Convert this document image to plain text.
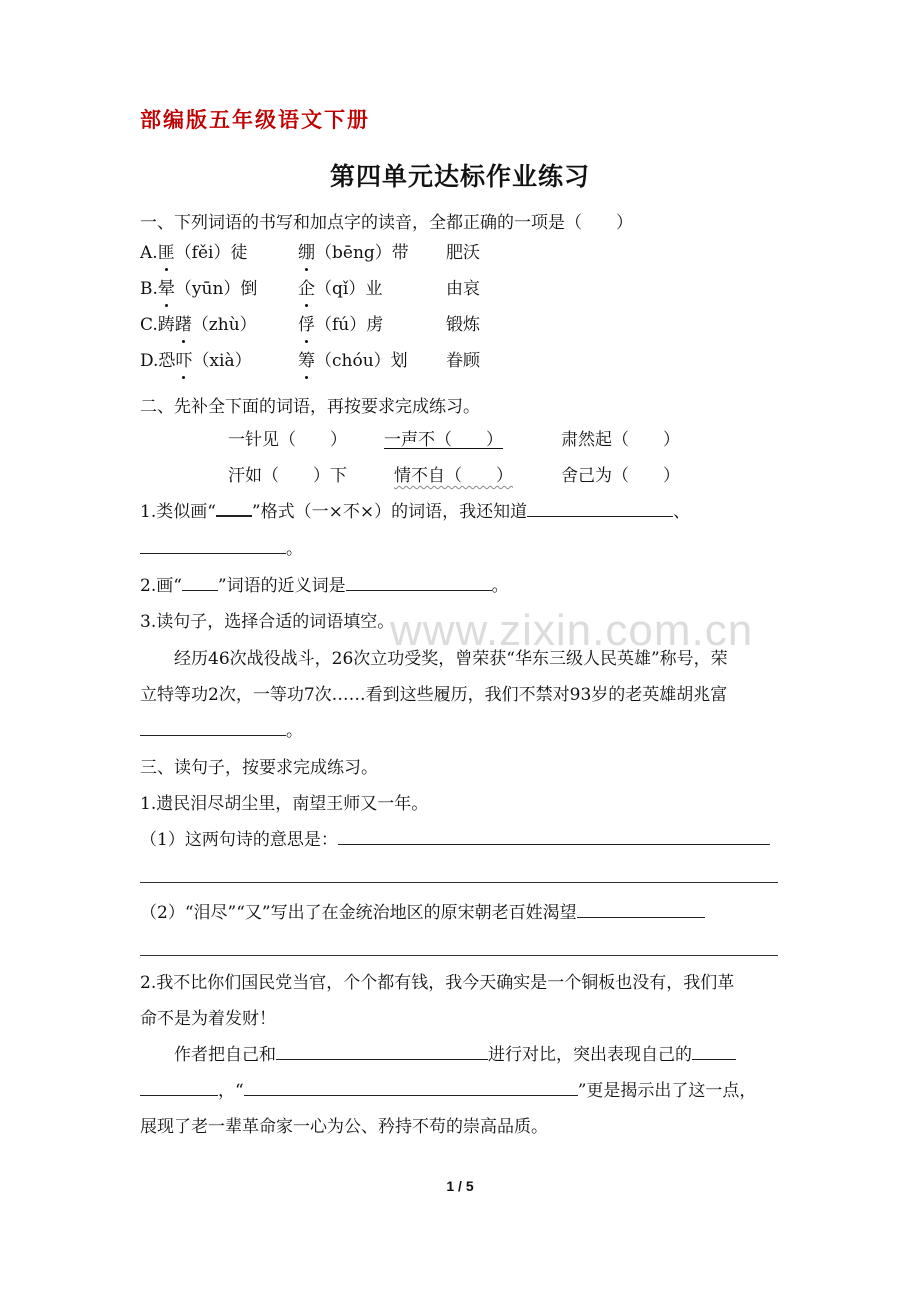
部编版五年级语文下册
第四单元达标作业练习
www.zixin.com.cn
一、下列词语的书写和加点字的读音，全都正确的一项是（　　）
A.匪（fěi）徒	绷（bēng）带 肥沃
B.晕（yūn）倒 企（qǐ）业	由哀
C.踌躇（zhù） 俘（fú）虏	锻炼
D.恐吓（xià）	筹（chóu）划 眷顾
二、先补全下面的词语，再按要求完成练习。
一针见（　　） 一声不（　　）	肃然起（　　）
汗如（　　）下	情不自（　　）	舍己为（　　）
1.类似画“ ”格式（一×不×）的词语，我还知道	、
。
2.画“ ”词语的近义词是	。
3.读句子，选择合适的词语填空。
经历46次战役战斗，26次立功受奖，曾荣获“华东三级人民英雄”称号，荣
立特等功2次，一等功7次……看到这些履历，我们不禁对93岁的老英雄胡兆富
。
三、读句子，按要求完成练习。
1.遗民泪尽胡尘里，南望王师又一年。
（1）这两句诗的意思是：
（2）“泪尽”“又”写出了在金统治地区的原宋朝老百姓渴望
2.我不比你们国民党当官，个个都有钱，我今天确实是一个铜板也没有，我们革
命不是为着发财！
作者把自己和	进行对比，突出表现自己的
，“	”更是揭示出了这一点，
展现了老一辈革命家一心为公、矜持不苟的崇高品质。
1 / 5
